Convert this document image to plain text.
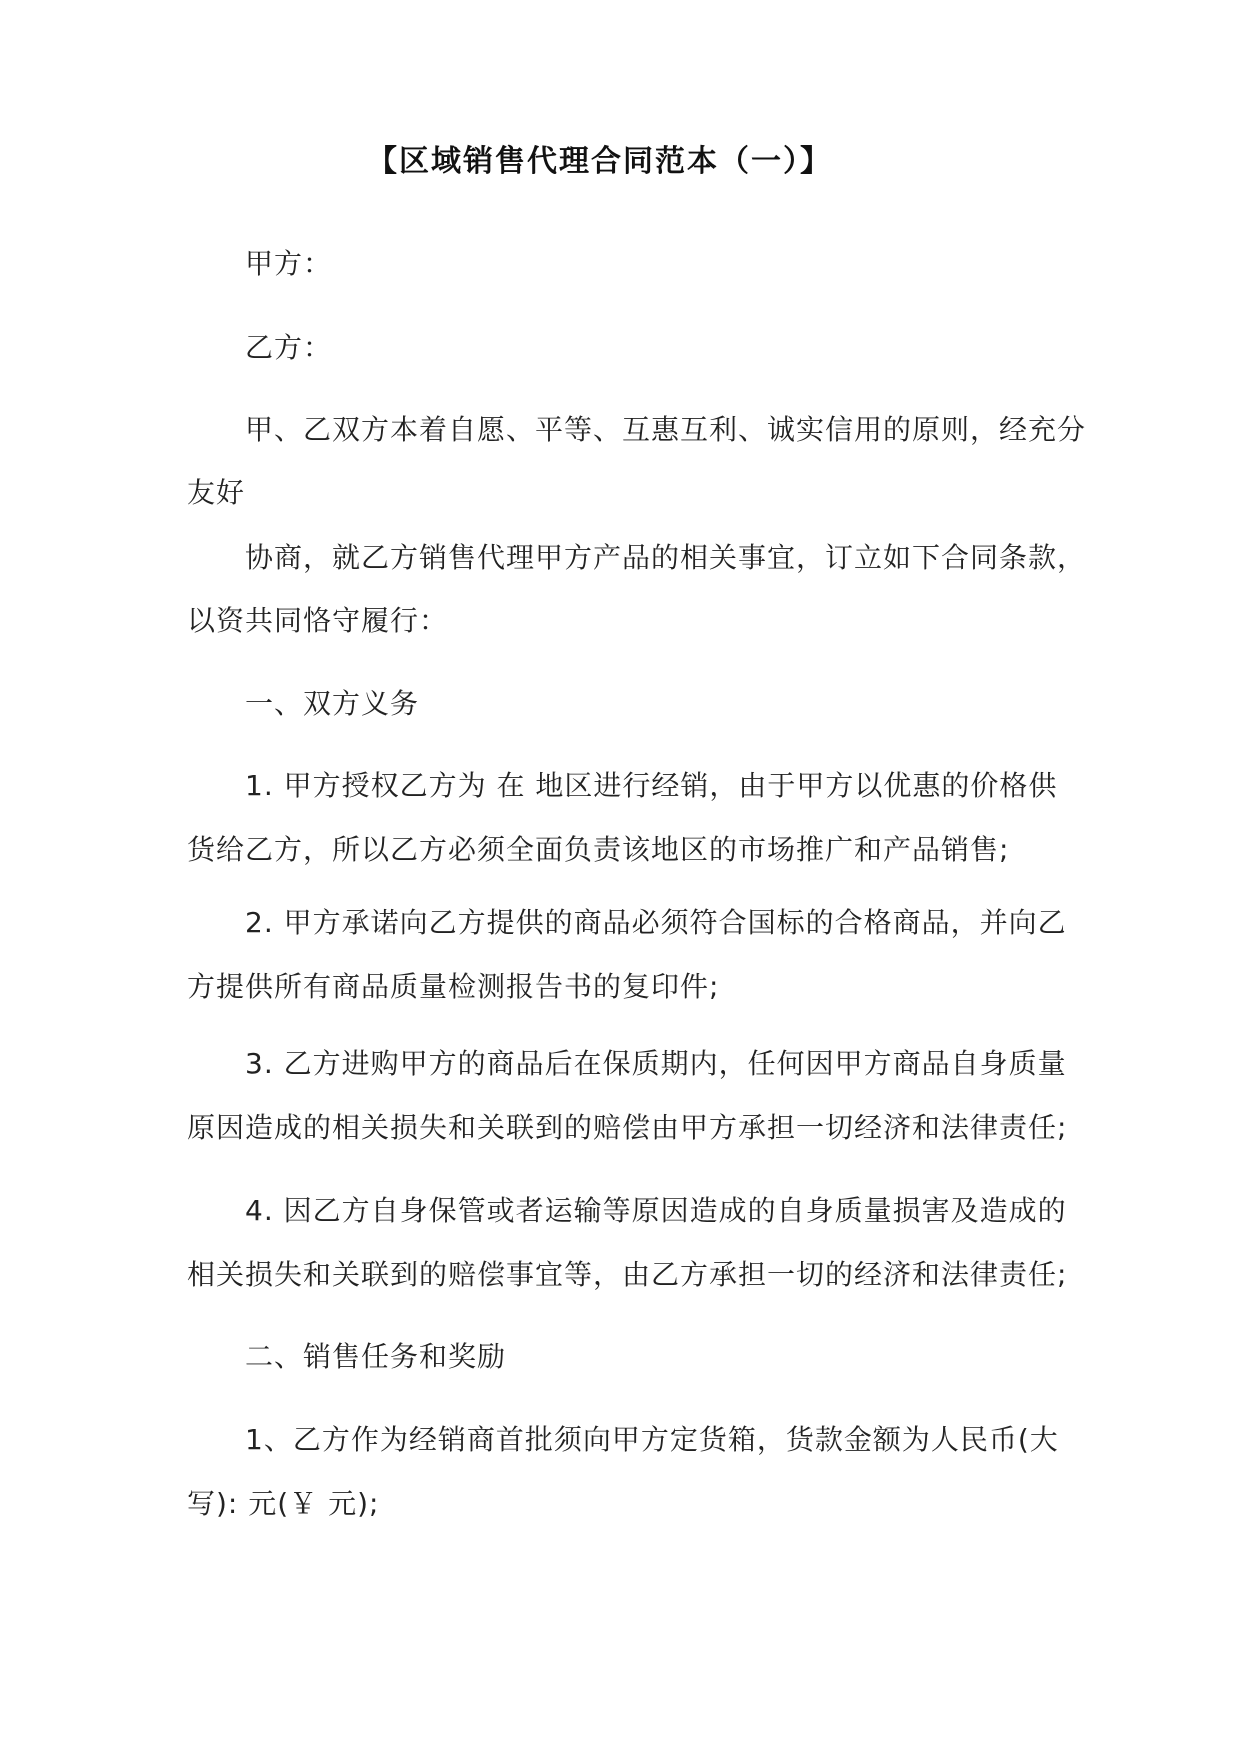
【区域销售代理合同范本（一）】
甲方：
乙方：
甲、乙双方本着自愿、平等、互惠互利、诚实信用的原则，经充分
友好
协商，就乙方销售代理甲方产品的相关事宜，订立如下合同条款，
以资共同恪守履行：
一、双方义务
1. 甲方授权乙方为 在 地区进行经销，由于甲方以优惠的价格供
货给乙方，所以乙方必须全面负责该地区的市场推广和产品销售;
2. 甲方承诺向乙方提供的商品必须符合国标的合格商品，并向乙
方提供所有商品质量检测报告书的复印件;
3. 乙方进购甲方的商品后在保质期内，任何因甲方商品自身质量
原因造成的相关损失和关联到的赔偿由甲方承担一切经济和法律责任;
4. 因乙方自身保管或者运输等原因造成的自身质量损害及造成的
相关损失和关联到的赔偿事宜等，由乙方承担一切的经济和法律责任;
二、销售任务和奖励
1、乙方作为经销商首批须向甲方定货箱，货款金额为人民币(大
写): 元(￥ 元);
